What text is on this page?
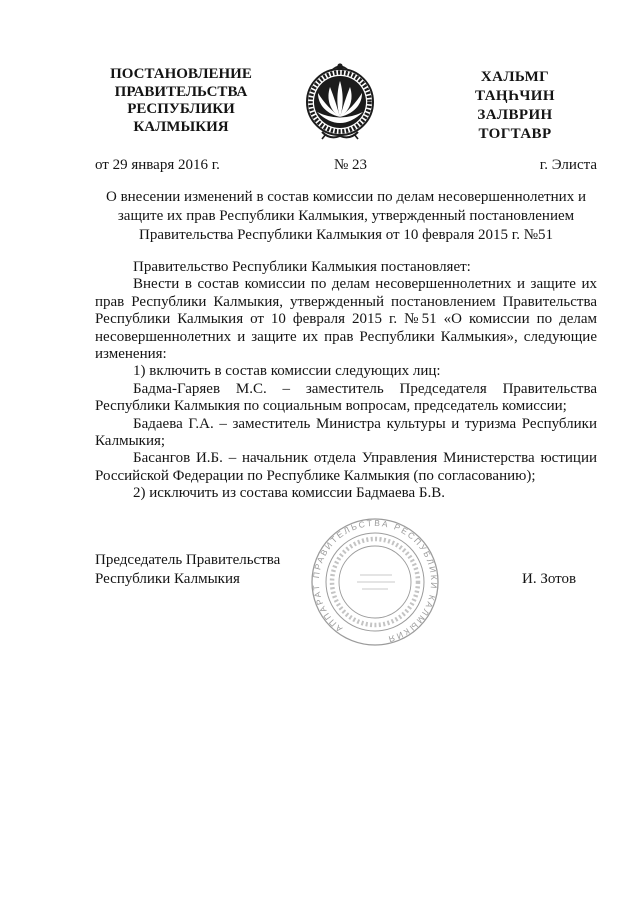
ПОСТАНОВЛЕНИЕ
ПРАВИТЕЛЬСТВА
РЕСПУБЛИКИ
КАЛМЫКИЯ
ХАЛЬМГ
ТАҢҺЧИН
ЗАЛВРИН
ТОГТАВР
от 29 января 2016 г.	№ 23	г. Элиста
О внесении изменений в состав комиссии по делам несовершеннолетних и
защите их прав Республики Калмыкия, утвержденный постановлением
Правительства Республики Калмыкия от 10 февраля 2015 г. №51
Правительство Республики Калмыкия постановляет:
Внести в состав комиссии по делам несовершеннолетних и защите их
прав Республики Калмыкия, утвержденный постановлением Правительства
Республики Калмыкия от 10 февраля 2015 г. №51 «О комиссии по делам
несовершеннолетних и защите их прав Республики Калмыкия», следующие
изменения:
1) включить в состав комиссии следующих лиц:
Бадма-Гаряев М.С. – заместитель Председателя Правительства
Республики Калмыкия по социальным вопросам, председатель комиссии;
Бадаева Г.А. – заместитель Министра культуры и туризма Республики
Калмыкия;
Басангов И.Б. – начальник отдела Управления Министерства юстиции
Российской Федерации по Республике Калмыкия (по согласованию);
2) исключить из состава комиссии Бадмаева Б.В.
Председатель Правительства
Республики Калмыкия	И. Зотов
АППАРАТ ПРАВИТЕЛЬСТВА РЕСПУБЛИКИ КАЛМЫКИЯ
